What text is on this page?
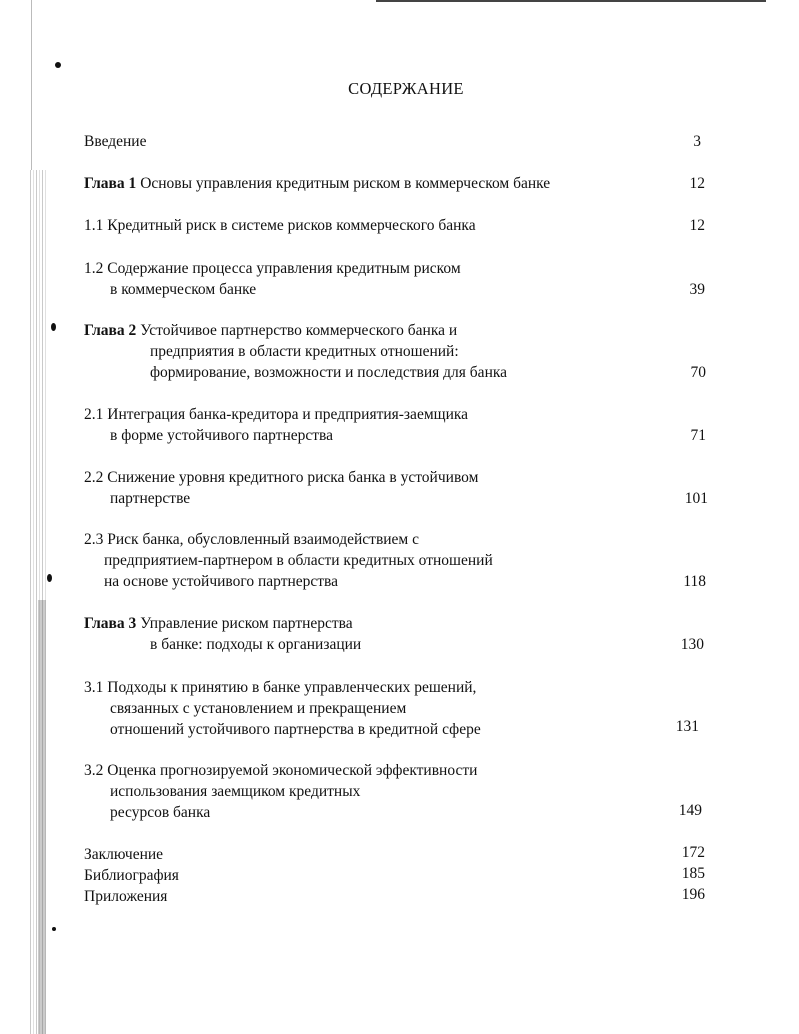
СОДЕРЖАНИЕ
Введение	3
Глава 1 Основы управления кредитным риском в коммерческом банке	12
1.1 Кредитный риск в системе рисков коммерческого банка	12
1.2 Содержание процесса управления кредитным риском
в коммерческом банке	39
Глава 2 Устойчивое партнерство коммерческого банка и
предприятия в области кредитных отношений:
формирование, возможности и последствия для банка	70
2.1 Интеграция банка-кредитора и предприятия-заемщика
в форме устойчивого партнерства	71
2.2 Снижение уровня кредитного риска банка в устойчивом
партнерстве	101
2.3 Риск банка, обусловленный взаимодействием с
предприятием-партнером в области кредитных отношений
на основе устойчивого партнерства	118
Глава 3 Управление риском партнерства
в банке: подходы к организации	130
3.1 Подходы к принятию в банке управленческих решений,
связанных с установлением и прекращением
отношений устойчивого партнерства в кредитной сфере	131
3.2 Оценка прогнозируемой экономической эффективности
использования заемщиком кредитных
ресурсов банка	149
Заключение	172
Библиография	185
Приложения	196
